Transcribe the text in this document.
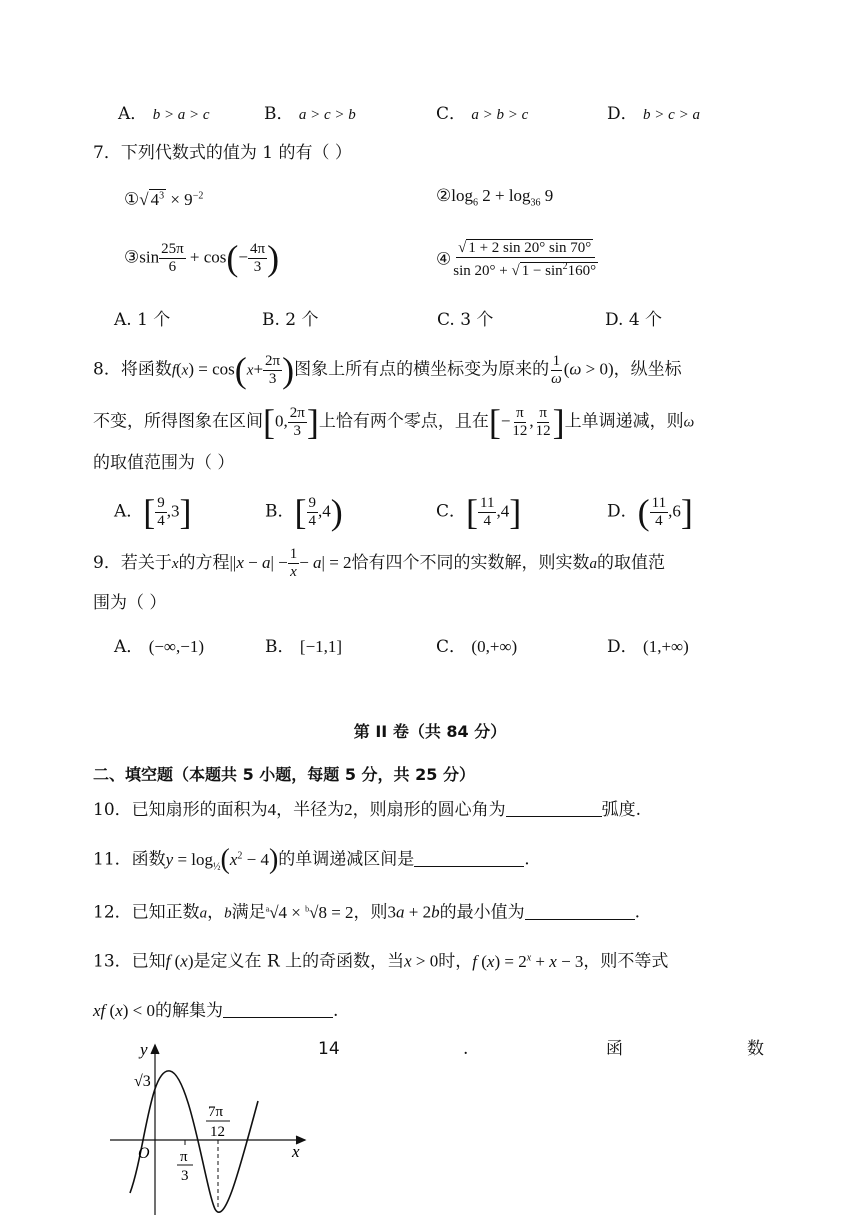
A． b > a > c	B． a > c > b	C． a > b > c	D． b > c > a
7．下列代数式的值为 1 的有（ ）
①√ $4^3 \times 9^{-2}$	$②\log_6$ $2 + \log_{36} 9$
③sin $\frac{25\pi}{6} + \cos(- \frac{4\pi}{3}$ )	④ $\frac{√ 1 + 2 \sin 20^\circ \sin 70^\circ}{\sin 20^\circ + √ 1 - \sin^2160^\circ}$
A. 1 个	B. 2 个	C. 3 个	D. 4 个
8．将函数$f(x) = \cos(x+ \frac{2\pi}{3}$ )图象上所有点的横坐标变为原来的 $\frac{1}{\omega} (\omega > 0)$，纵坐标
不变，所得图象在区间[0, $\frac{2\pi}{3}$ ]上恰有两个零点，且在[− $\frac{\pi}{12}$ , $\frac{\pi}{12}$ ]上单调递减，则ω
的取值范围为（ ）
A．[ $\frac{9}{4} ,3$]	B．[ $\frac{9}{4} ,4$)	C．[ $\frac{11}{4} ,4$]	D．( $\frac{11}{4} ,6$]
9．若关于x的方程$||x - a| - \frac{1}{x} - a| = 2$恰有四个不同的实数解，则实数a的取值范
围为（ ）
A． (−∞,−1)	B． [−1,1]	C． (0,+∞)	D． (1,+∞)
第 II 卷（共 84 分）
二、填空题（本题共 5 小题，每题 5 分，共 25 分）
10．已知扇形的面积为4，半径为2，则扇形的圆心角为	弧度.
11．函数$y = \log_{\frac{1}{2}}(x^2 - 4)$的单调递减区间是	.
12．已知正数a，b满足$^a$√4 × $^b$√8 = 2，则3a + 2b的最小值为	.
13．已知f (x)是定义在 R 上的奇函数，当x > 0时，f $(x) = 2^x + x - 3$，则不等式
xf (x) < 0的解集为	.
14	.	函	数
y
x
O
√3
π
3
7π
12
